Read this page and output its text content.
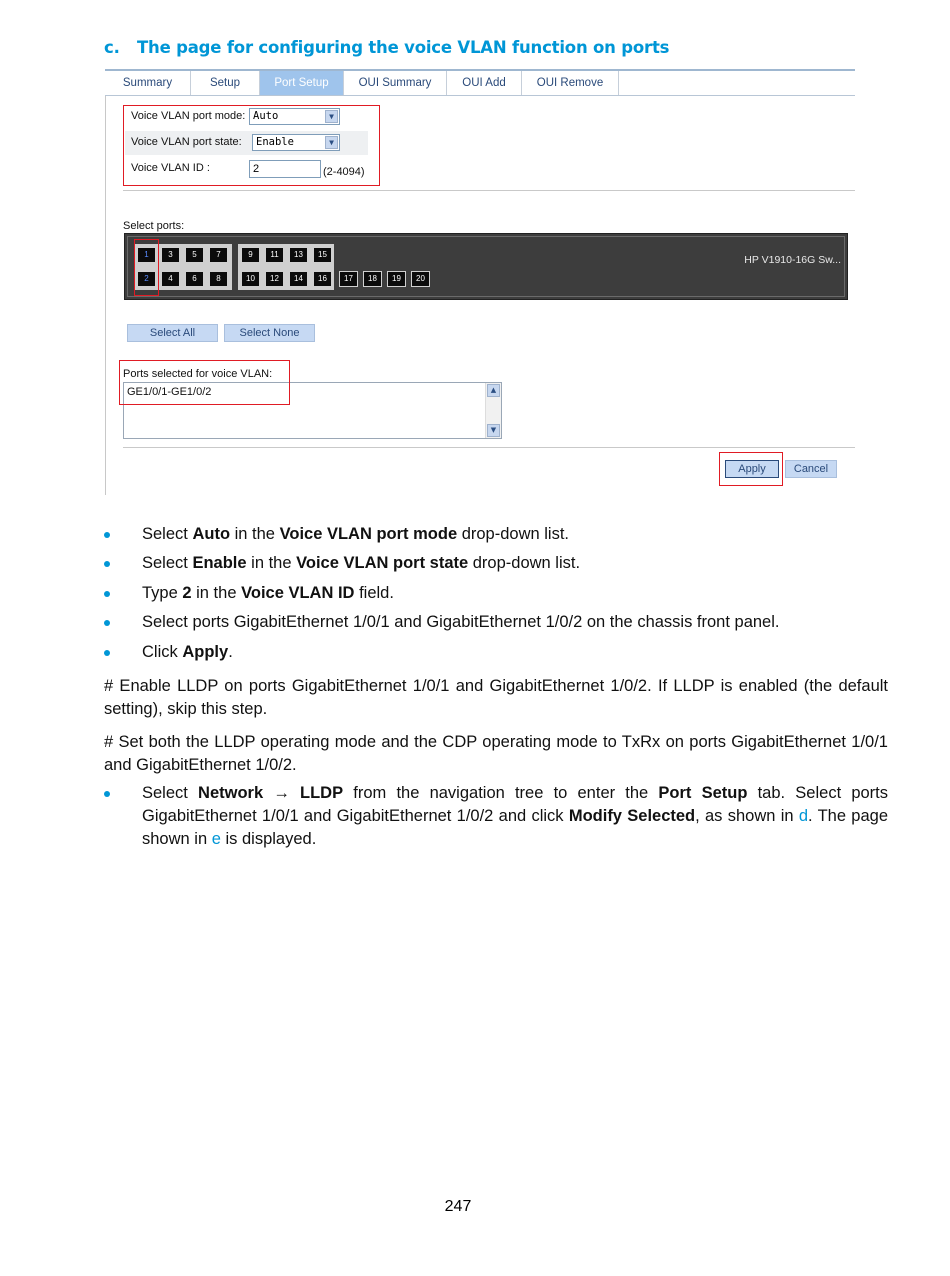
c. The page for configuring the voice VLAN function on ports
Summary	Setup	Port Setup	OUI Summary	OUI Add	OUI Remove
Voice VLAN port mode: Auto	▼
Voice VLAN port state:	Enable	▼
Voice VLAN ID :	2	(2-4094)
Select ports:
1	3	5	7	9	11	13	15
2	4	6	8	10	12	14	16	17	18	19	20
HP V1910-16G Sw...
Select All	Select None
Ports selected for voice VLAN:
GE1/0/1-GE1/0/2	▲
▼
Apply	Cancel
Select Auto in the Voice VLAN port mode drop-down list.
Select Enable in the Voice VLAN port state drop-down list.
Type 2 in the Voice VLAN ID field.
Select ports GigabitEthernet 1/0/1 and GigabitEthernet 1/0/2 on the chassis front panel.
Click Apply.
# Enable LLDP on ports GigabitEthernet 1/0/1 and GigabitEthernet 1/0/2. If LLDP is enabled (the default setting), skip this step.
# Set both the LLDP operating mode and the CDP operating mode to TxRx on ports GigabitEthernet 1/0/1 and GigabitEthernet 1/0/2.
Select Network → LLDP from the navigation tree to enter the Port Setup tab. Select ports GigabitEthernet 1/0/1 and GigabitEthernet 1/0/2 and click Modify Selected, as shown in d. The page shown in e is displayed.
247
